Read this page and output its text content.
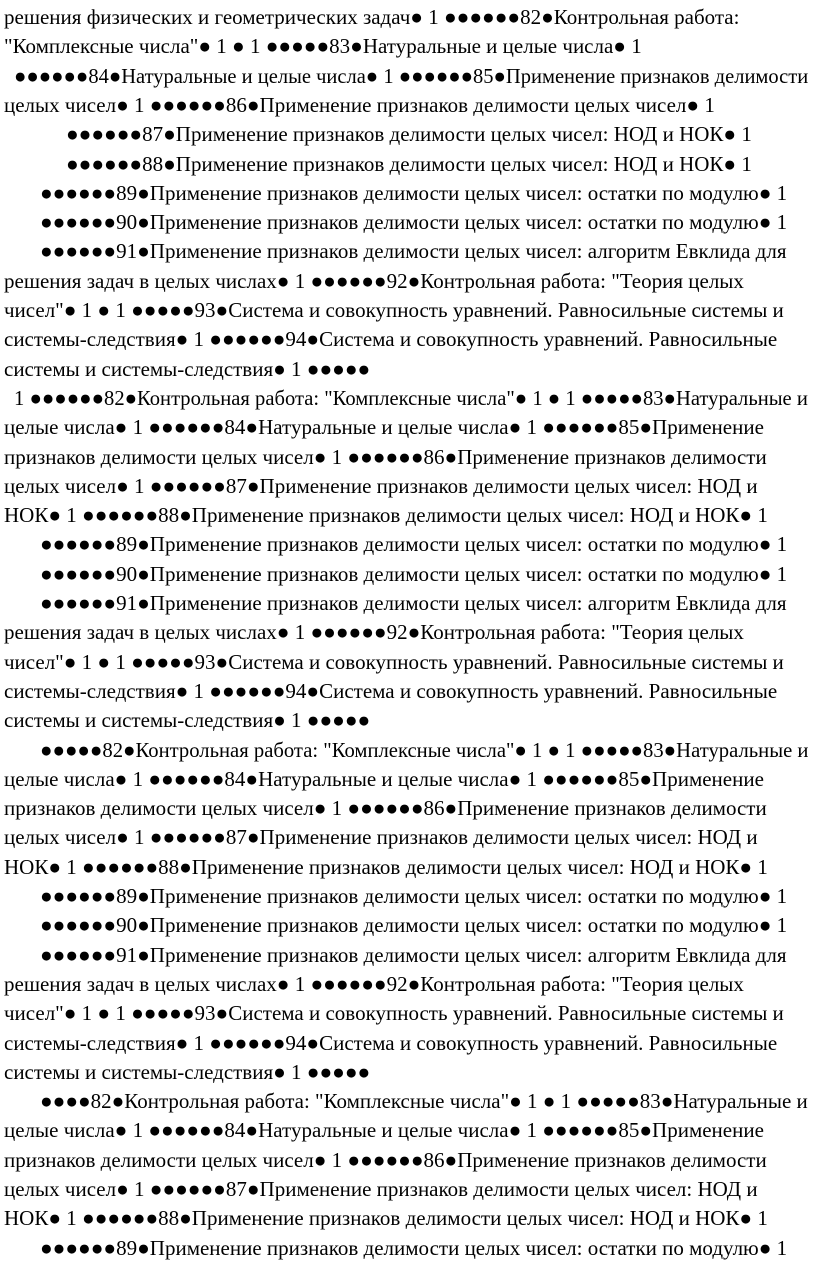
решения физических и геометрических задач● 1 ●●●●●●82●Контрольная работа:
"Комплексные числа"● 1 ● 1 ●●●●●83●Натуральные и целые числа● 1
●●●●●●84●Натуральные и целые числа● 1 ●●●●●●85●Применение признаков делимости
целых чисел● 1 ●●●●●●86●Применение признаков делимости целых чисел● 1
●●●●●●87●Применение признаков делимости целых чисел: НОД и НОК● 1
●●●●●●88●Применение признаков делимости целых чисел: НОД и НОК● 1
●●●●●●89●Применение признаков делимости целых чисел: остатки по модулю● 1
●●●●●●90●Применение признаков делимости целых чисел: остатки по модулю● 1
●●●●●●91●Применение признаков делимости целых чисел: алгоритм Евклида для
решения задач в целых числах● 1 ●●●●●●92●Контрольная работа: "Теория целых
чисел"● 1 ● 1 ●●●●●93●Система и совокупность уравнений. Равносильные системы и
системы-следствия● 1 ●●●●●●94●Система и совокупность уравнений. Равносильные
системы и системы-следствия● 1 ●●●●●
1 ●●●●●●82●Контрольная работа: "Комплексные числа"● 1 ● 1 ●●●●●83●Натуральные и
целые числа● 1 ●●●●●●84●Натуральные и целые числа● 1 ●●●●●●85●Применение
признаков делимости целых чисел● 1 ●●●●●●86●Применение признаков делимости
целых чисел● 1 ●●●●●●87●Применение признаков делимости целых чисел: НОД и
НОК● 1 ●●●●●●88●Применение признаков делимости целых чисел: НОД и НОК● 1
●●●●●●89●Применение признаков делимости целых чисел: остатки по модулю● 1
●●●●●●90●Применение признаков делимости целых чисел: остатки по модулю● 1
●●●●●●91●Применение признаков делимости целых чисел: алгоритм Евклида для
решения задач в целых числах● 1 ●●●●●●92●Контрольная работа: "Теория целых
чисел"● 1 ● 1 ●●●●●93●Система и совокупность уравнений. Равносильные системы и
системы-следствия● 1 ●●●●●●94●Система и совокупность уравнений. Равносильные
системы и системы-следствия● 1 ●●●●●
●●●●●82●Контрольная работа: "Комплексные числа"● 1 ● 1 ●●●●●83●Натуральные и
целые числа● 1 ●●●●●●84●Натуральные и целые числа● 1 ●●●●●●85●Применение
признаков делимости целых чисел● 1 ●●●●●●86●Применение признаков делимости
целых чисел● 1 ●●●●●●87●Применение признаков делимости целых чисел: НОД и
НОК● 1 ●●●●●●88●Применение признаков делимости целых чисел: НОД и НОК● 1
●●●●●●89●Применение признаков делимости целых чисел: остатки по модулю● 1
●●●●●●90●Применение признаков делимости целых чисел: остатки по модулю● 1
●●●●●●91●Применение признаков делимости целых чисел: алгоритм Евклида для
решения задач в целых числах● 1 ●●●●●●92●Контрольная работа: "Теория целых
чисел"● 1 ● 1 ●●●●●93●Система и совокупность уравнений. Равносильные системы и
системы-следствия● 1 ●●●●●●94●Система и совокупность уравнений. Равносильные
системы и системы-следствия● 1 ●●●●●
●●●●82●Контрольная работа: "Комплексные числа"● 1 ● 1 ●●●●●83●Натуральные и
целые числа● 1 ●●●●●●84●Натуральные и целые числа● 1 ●●●●●●85●Применение
признаков делимости целых чисел● 1 ●●●●●●86●Применение признаков делимости
целых чисел● 1 ●●●●●●87●Применение признаков делимости целых чисел: НОД и
НОК● 1 ●●●●●●88●Применение признаков делимости целых чисел: НОД и НОК● 1
●●●●●●89●Применение признаков делимости целых чисел: остатки по модулю● 1
